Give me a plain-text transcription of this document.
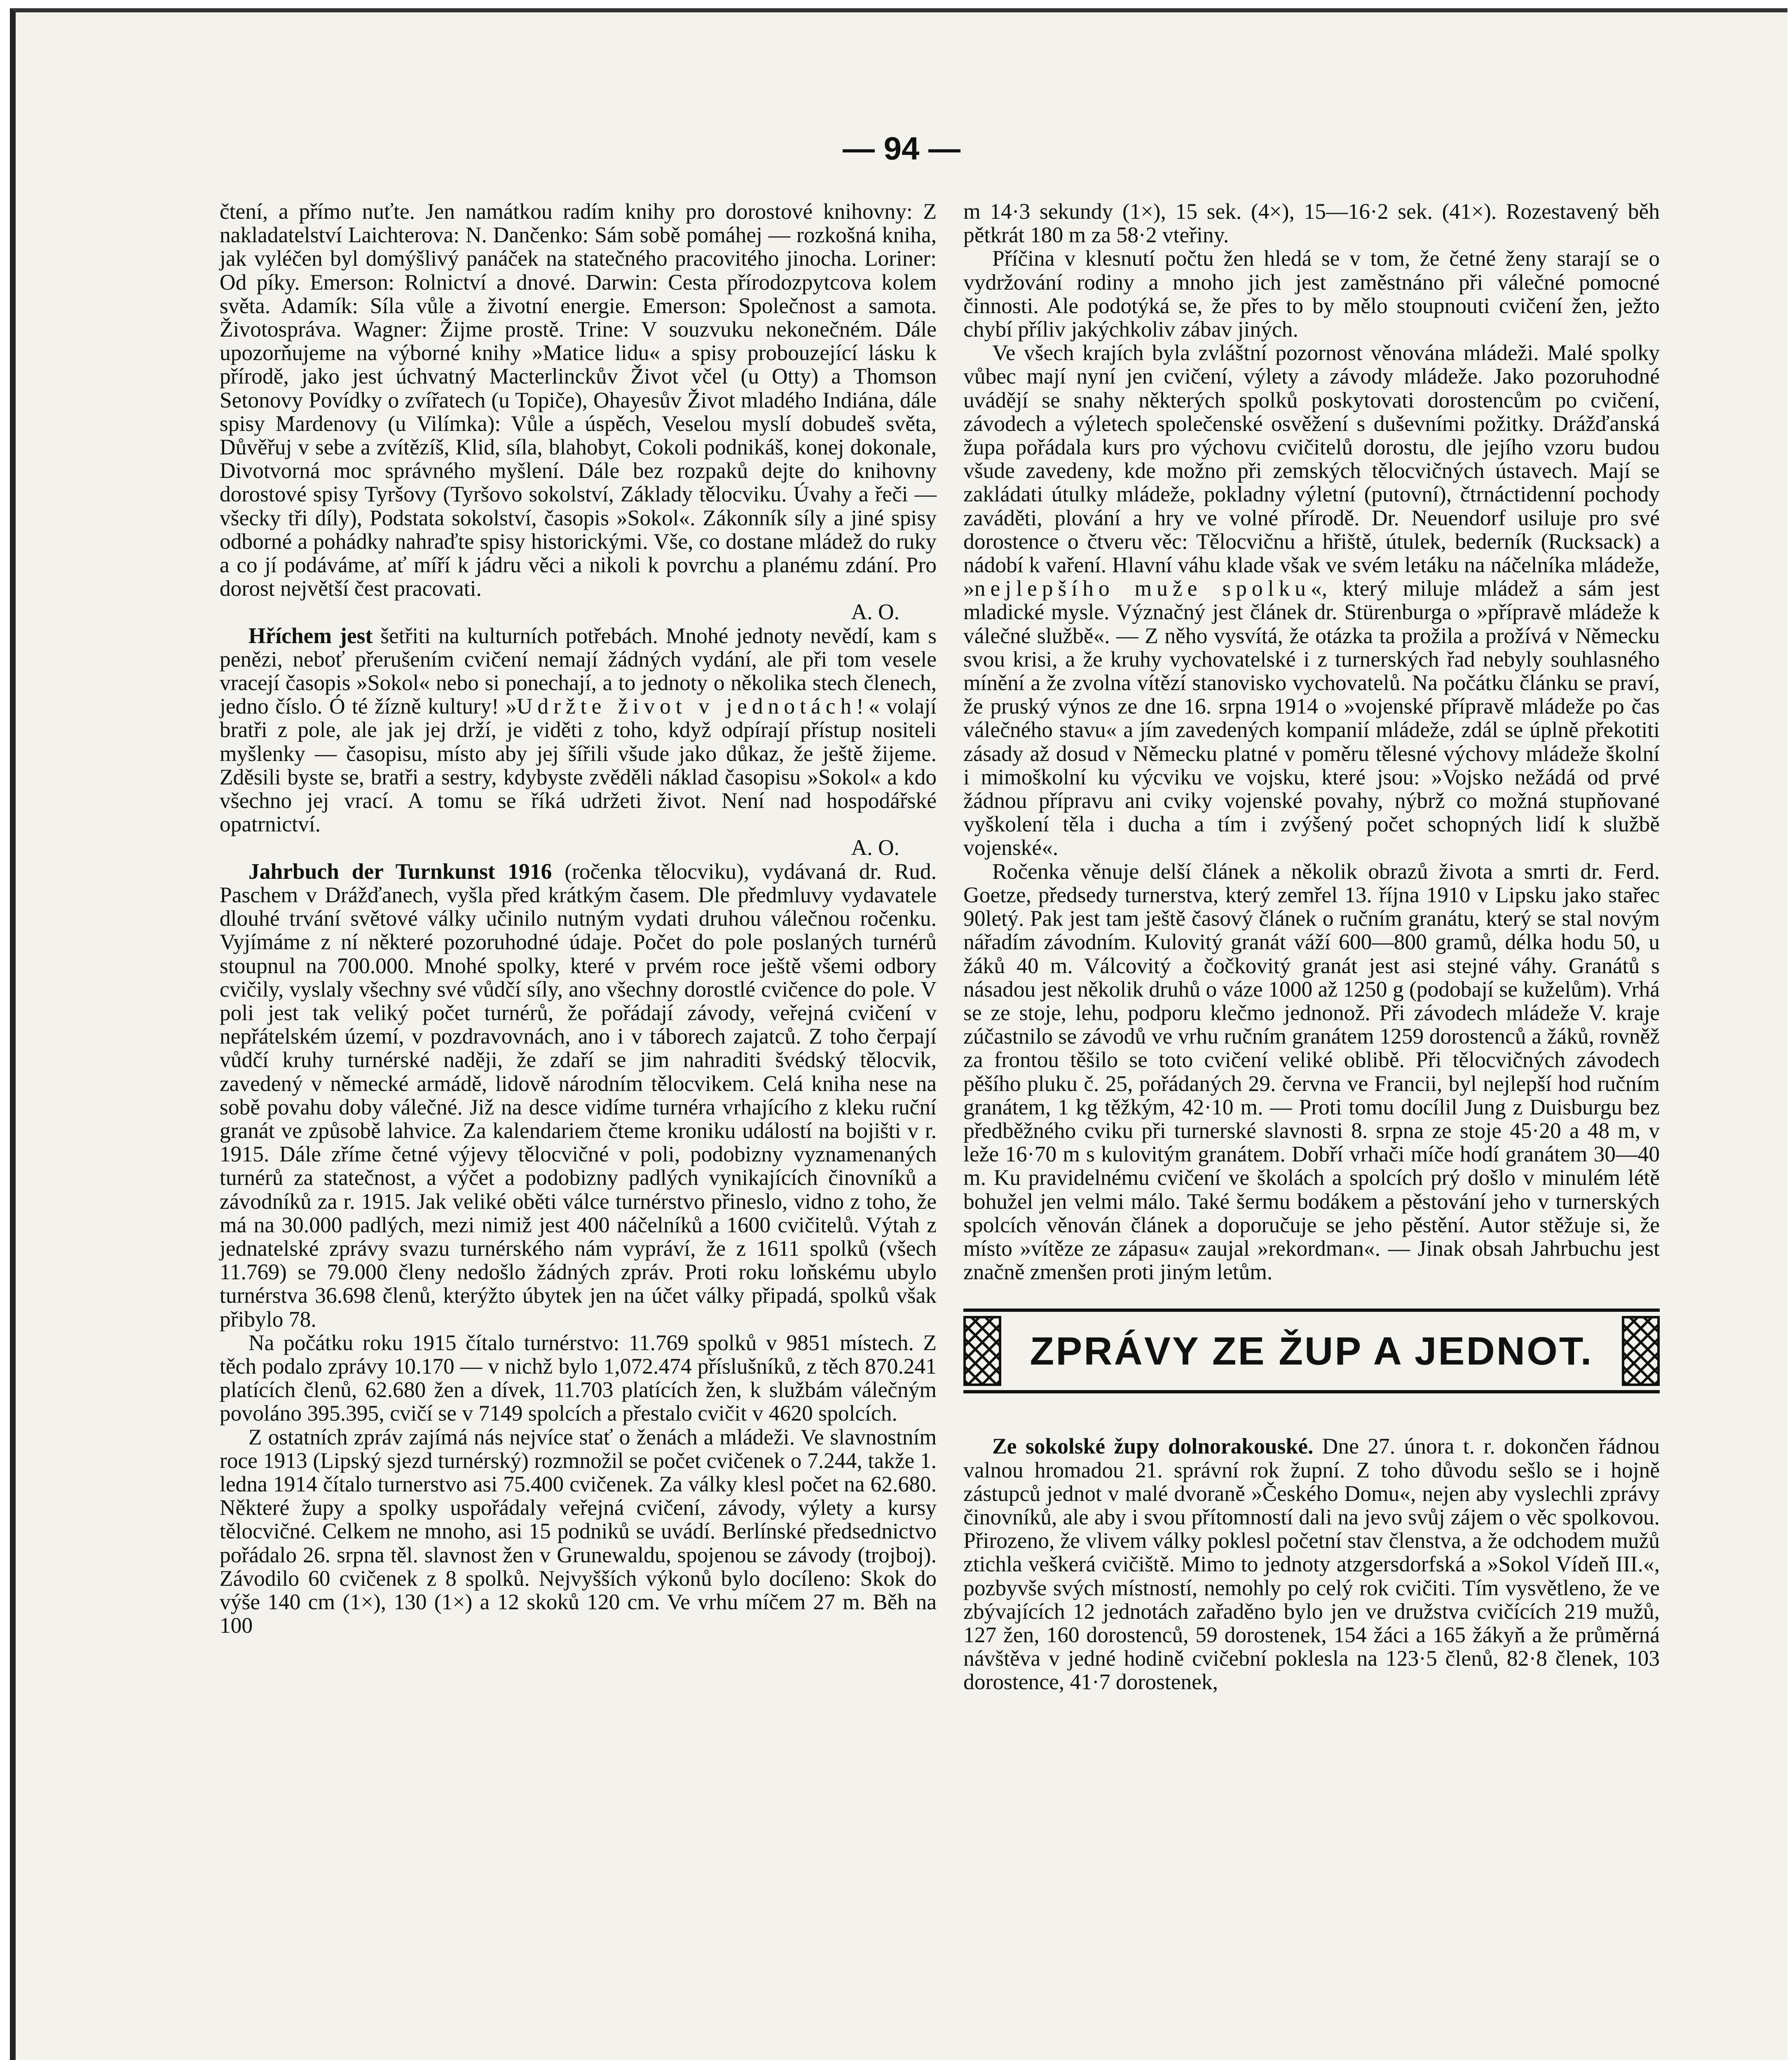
— 94 —

čtení, a přímo nuťte. Jen namátkou radím knihy pro dorostové knihovny: Z nakladatelství Laichterova: N. Dančenko: Sám sobě pomáhej — rozkošná kniha, jak vyléčen byl domýšlivý panáček na statečného pracovitého jinocha. Loriner: Od píky. Emerson: Rolnictví a dnové. Darwin: Cesta přírodozpytcova kolem světa. Adamík: Síla vůle a životní energie. Emerson: Společnost a samota. Životospráva. Wagner: Žijme prostě. Trine: V souzvuku nekonečném. Dále upozorňujeme na výborné knihy »Matice lidu« a spisy probouzející lásku k přírodě, jako jest úchvatný Macterlinckův Život včel (u Otty) a Thomson Setonovy Povídky o zvířatech (u Topiče), Ohayesův Život mladého Indiána, dále spisy Mardenovy (u Vilímka): Vůle a úspěch, Veselou myslí dobudeš světa, Důvěřuj v sebe a zvítězíš, Klid, síla, blahobyt, Cokoli podnikáš, konej dokonale, Divotvorná moc správného myšlení. Dále bez rozpaků dejte do knihovny dorostové spisy Tyršovy (Tyršovo sokolství, Základy tělocviku. Úvahy a řeči — všecky tři díly), Podstata sokolství, časopis »Sokol«. Zákonník síly a jiné spisy odborné a pohádky nahraďte spisy historickými. Vše, co dostane mládež do ruky a co jí podáváme, ať míří k jádru věci a nikoli k povrchu a planému zdání. Pro dorost největší čest pracovati.

A. O.

Hříchem jest šetřiti na kulturních potřebách. Mnohé jednoty nevědí, kam s penězi, neboť přerušením cvičení nemají žádných vydání, ale při tom vesele vracejí časopis »Sokol« nebo si ponechají, a to jednoty o několika stech členech, jedno číslo. Ó té žízně kultury! »Udržte život v jednotách!« volají bratři z pole, ale jak jej drží, je viděti z toho, když odpírají přístup nositeli myšlenky — časopisu, místo aby jej šířili všude jako důkaz, že ještě žijeme. Zděsili byste se, bratři a sestry, kdybyste zvěděli náklad časopisu »Sokol« a kdo všechno jej vrací. A tomu se říká udržeti život. Není nad hospodářské opatrnictví.

A. O.

Jahrbuch der Turnkunst 1916 (ročenka tělocviku), vydávaná dr. Rud. Paschem v Drážďanech, vyšla před krátkým časem. Dle předmluvy vydavatele dlouhé trvání světové války učinilo nutným vydati druhou válečnou ročenku. Vyjímáme z ní některé pozoruhodné údaje. Počet do pole poslaných turnérů stoupnul na 700.000. Mnohé spolky, které v prvém roce ještě všemi odbory cvičily, vyslaly všechny své vůdčí síly, ano všechny dorostlé cvičence do pole. V poli jest tak veliký počet turnérů, že pořádají závody, veřejná cvičení v nepřátelském území, v pozdravovnách, ano i v táborech zajatců. Z toho čerpají vůdčí kruhy turnérské naději, že zdaří se jim nahraditi švédský tělocvik, zavedený v německé armádě, lidově národním tělocvikem. Celá kniha nese na sobě povahu doby válečné. Již na desce vidíme turnéra vrhajícího z kleku ruční granát ve způsobě lahvice. Za kalendariem čteme kroniku událostí na bojišti v r. 1915. Dále zříme četné výjevy tělocvičné v poli, podobizny vyznamenaných turnérů za statečnost, a výčet a podobizny padlých vynikajících činovníků a závodníků za r. 1915. Jak veliké oběti válce turnérstvo přineslo, vidno z toho, že má na 30.000 padlých, mezi nimiž jest 400 náčelníků a 1600 cvičitelů. Výtah z jednatelské zprávy svazu turnérského nám vypráví, že z 1611 spolků (všech 11.769) se 79.000 členy nedošlo žádných zpráv. Proti roku loňskému ubylo turnérstva 36.698 členů, kterýžto úbytek jen na účet války připadá, spolků však přibylo 78.

Na počátku roku 1915 čítalo turnérstvo: 11.769 spolků v 9851 místech. Z těch podalo zprávy 10.170 — v nichž bylo 1,072.474 příslušníků, z těch 870.241 platících členů, 62.680 žen a dívek, 11.703 platících žen, k službám válečným povoláno 395.395, cvičí se v 7149 spolcích a přestalo cvičit v 4620 spolcích.

Z ostatních zpráv zajímá nás nejvíce stať o ženách a mládeži. Ve slavnostním roce 1913 (Lipský sjezd turnérský) rozmnožil se počet cvičenek o 7.244, takže 1. ledna 1914 čítalo turnerstvo asi 75.400 cvičenek. Za války klesl počet na 62.680. Některé župy a spolky uspořádaly veřejná cvičení, závody, výlety a kursy tělocvičné. Celkem ne mnoho, asi 15 podniků se uvádí. Berlínské předsednictvo pořádalo 26. srpna těl. slavnost žen v Grunewaldu, spojenou se závody (trojboj). Závodilo 60 cvičenek z 8 spolků. Nejvyšších výkonů bylo docíleno: Skok do výše 140 cm (1×), 130 (1×) a 12 skoků 120 cm. Ve vrhu míčem 27 m. Běh na 100

m 14·3 sekundy (1×), 15 sek. (4×), 15—16·2 sek. (41×). Rozestavený běh pětkrát 180 m za 58·2 vteřiny.

Příčina v klesnutí počtu žen hledá se v tom, že četné ženy starají se o vydržování rodiny a mnoho jich jest zaměstnáno při válečné pomocné činnosti. Ale podotýká se, že přes to by mělo stoupnouti cvičení žen, ježto chybí příliv jakýchkoliv zábav jiných.

Ve všech krajích byla zvláštní pozornost věnována mládeži. Malé spolky vůbec mají nyní jen cvičení, výlety a závody mládeže. Jako pozoruhodné uvádějí se snahy některých spolků poskytovati dorostencům po cvičení, závodech a výletech společenské osvěžení s duševními požitky. Drážďanská župa pořádala kurs pro výchovu cvičitelů dorostu, dle jejího vzoru budou všude zavedeny, kde možno při zemských tělocvičných ústavech. Mají se zakládati útulky mládeže, pokladny výletní (putovní), čtrnáctidenní pochody zaváděti, plování a hry ve volné přírodě. Dr. Neuendorf usiluje pro své dorostence o čtveru věc: Tělocvičnu a hřiště, útulek, bederník (Rucksack) a nádobí k vaření. Hlavní váhu klade však ve svém letáku na náčelníka mládeže, »nejlepšího muže spolku«, který miluje mládež a sám jest mladické mysle. Význačný jest článek dr. Stürenburga o »přípravě mládeže k válečné službě«. — Z něho vysvítá, že otázka ta prožila a prožívá v Německu svou krisi, a že kruhy vychovatelské i z turnerských řad nebyly souhlasného mínění a že zvolna vítězí stanovisko vychovatelů. Na počátku článku se praví, že pruský výnos ze dne 16. srpna 1914 o »vojenské přípravě mládeže po čas válečného stavu« a jím zavedených kompanií mládeže, zdál se úplně překotiti zásady až dosud v Německu platné v poměru tělesné výchovy mládeže školní i mimoškolní ku výcviku ve vojsku, které jsou: »Vojsko nežádá od prvé žádnou přípravu ani cviky vojenské povahy, nýbrž co možná stupňované vyškolení těla i ducha a tím i zvýšený počet schopných lidí k službě vojenské«.

Ročenka věnuje delší článek a několik obrazů života a smrti dr. Ferd. Goetze, předsedy turnerstva, který zemřel 13. října 1910 v Lipsku jako stařec 90letý. Pak jest tam ještě časový článek o ručním granátu, který se stal novým nářadím závodním. Kulovitý granát váží 600—800 gramů, délka hodu 50, u žáků 40 m. Válcovitý a čočkovitý granát jest asi stejné váhy. Granátů s násadou jest několik druhů o váze 1000 až 1250 g (podobají se kuželům). Vrhá se ze stoje, lehu, podporu klečmo jednonož. Při závodech mládeže V. kraje zúčastnilo se závodů ve vrhu ručním granátem 1259 dorostenců a žáků, rovněž za frontou těšilo se toto cvičení veliké oblibě. Při tělocvičných závodech pěšího pluku č. 25, pořádaných 29. června ve Francii, byl nejlepší hod ručním granátem, 1 kg těžkým, 42·10 m. — Proti tomu docílil Jung z Duisburgu bez předběžného cviku při turnerské slavnosti 8. srpna ze stoje 45·20 a 48 m, v leže 16·70 m s kulovitým granátem. Dobří vrhači míče hodí granátem 30—40 m. Ku pravidelnému cvičení ve školách a spolcích prý došlo v minulém létě bohužel jen velmi málo. Také šermu bodákem a pěstování jeho v turnerských spolcích věnován článek a doporučuje se jeho pěstění. Autor stěžuje si, že místo »vítěze ze zápasu« zaujal »rekordman«. — Jinak obsah Jahrbuchu jest značně zmenšen proti jiným letům.

ZPRÁVY ZE ŽUP A JEDNOT.

Ze sokolské župy dolnorakouské. Dne 27. února t. r. dokončen řádnou valnou hromadou 21. správní rok župní. Z toho důvodu sešlo se i hojně zástupců jednot v malé dvoraně »Českého Domu«, nejen aby vyslechli zprávy činovníků, ale aby i svou přítomností dali na jevo svůj zájem o věc spolkovou. Přirozeno, že vlivem války poklesl početní stav členstva, a že odchodem mužů ztichla veškerá cvičiště. Mimo to jednoty atzgersdorfská a »Sokol Vídeň III.«, pozbyvše svých místností, nemohly po celý rok cvičiti. Tím vysvětleno, že ve zbývajících 12 jednotách zařaděno bylo jen ve družstva cvičících 219 mužů, 127 žen, 160 dorostenců, 59 dorostenek, 154 žáci a 165 žákyň a že průměrná návštěva v jedné hodině cvičební poklesla na 123·5 členů, 82·8 členek, 103 dorostence, 41·7 dorostenek,
